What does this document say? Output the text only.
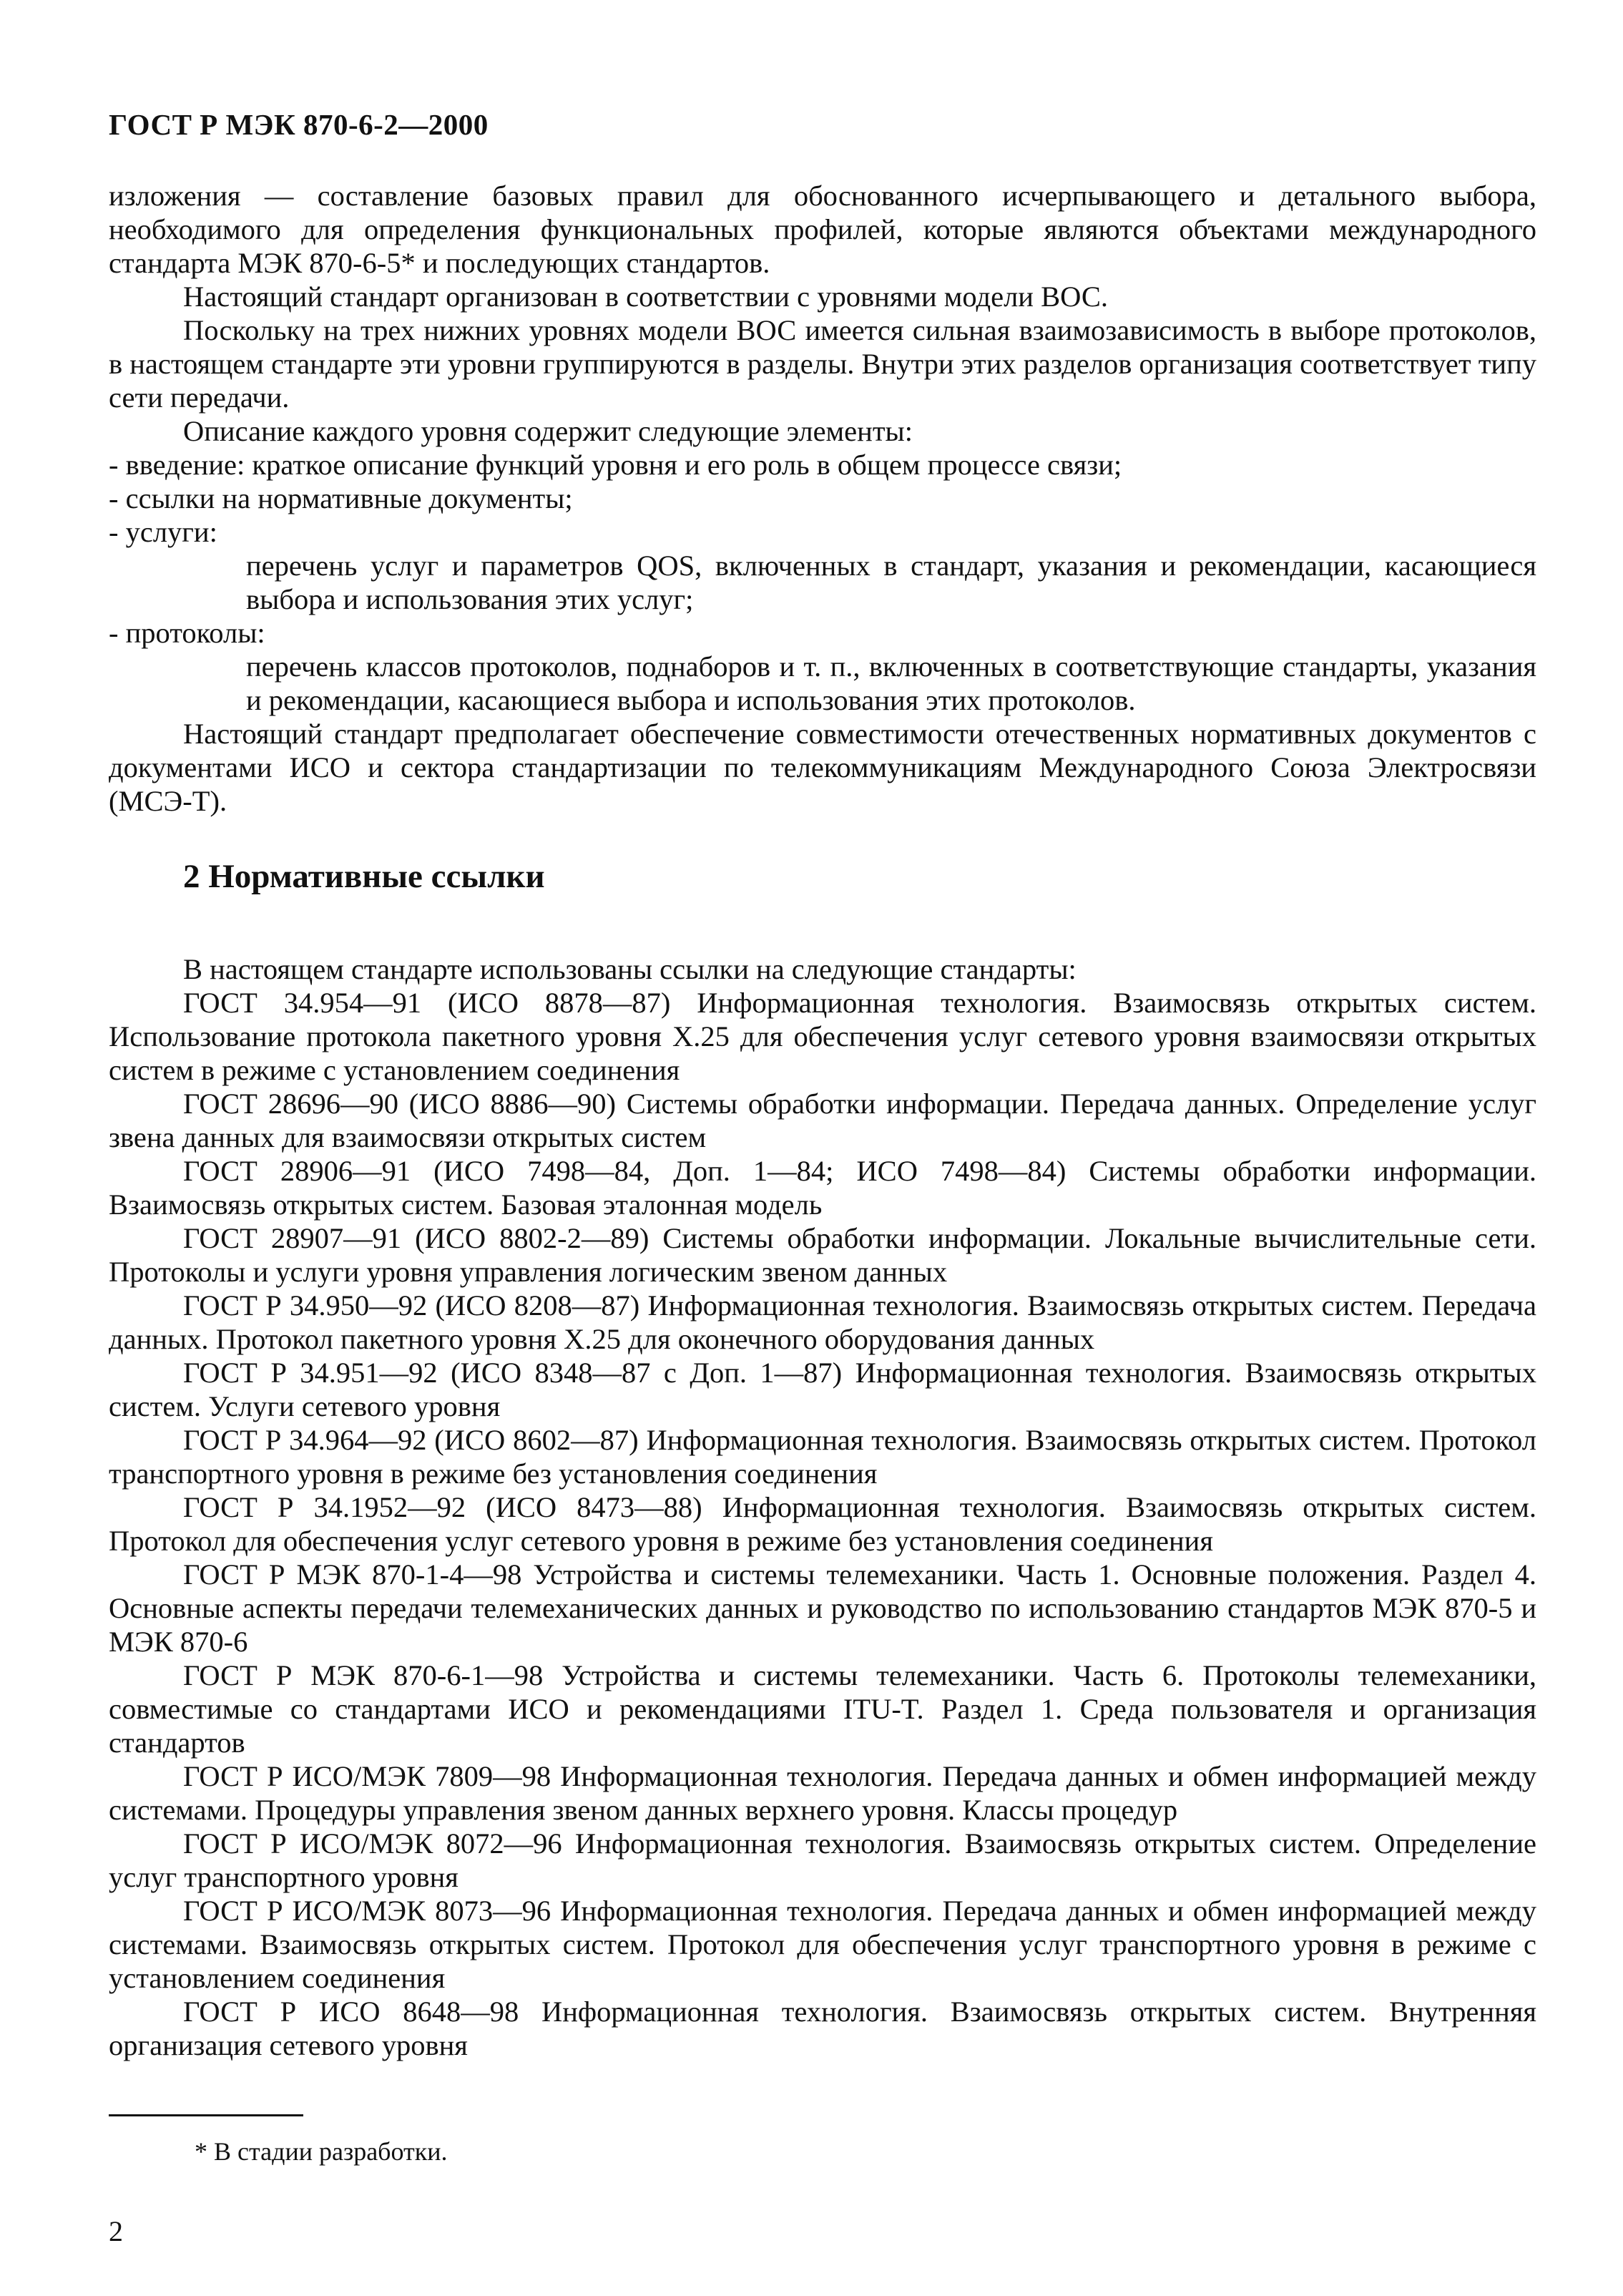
ГОСТ Р МЭК 870-6-2—2000

изложения — составление базовых правил для обоснованного исчерпывающего и детального выбора, необходимого для определения функциональных профилей, которые являются объектами международного стандарта МЭК 870-6-5* и последующих стандартов.

Настоящий стандарт организован в соответствии с уровнями модели ВОС.

Поскольку на трех нижних уровнях модели ВОС имеется сильная взаимозависимость в выборе протоколов, в настоящем стандарте эти уровни группируются в разделы. Внутри этих разделов организация соответствует типу сети передачи.

Описание каждого уровня содержит следующие элементы:

- введение: краткое описание функций уровня и его роль в общем процессе связи;

- ссылки на нормативные документы;

- услуги:

перечень услуг и параметров QOS, включенных в стандарт, указания и рекомендации, касающиеся выбора и использования этих услуг;

- протоколы:

перечень классов протоколов, поднаборов и т. п., включенных в соответствующие стандарты, указания и рекомендации, касающиеся выбора и использования этих протоколов.

Настоящий стандарт предполагает обеспечение совместимости отечественных нормативных документов с документами ИСО и сектора стандартизации по телекоммуникациям Международного Союза Электросвязи (МСЭ-Т).

2 Нормативные ссылки

В настоящем стандарте использованы ссылки на следующие стандарты:

ГОСТ 34.954—91 (ИСО 8878—87) Информационная технология. Взаимосвязь открытых систем. Использование протокола пакетного уровня Х.25 для обеспечения услуг сетевого уровня взаимосвязи открытых систем в режиме с установлением соединения

ГОСТ 28696—90 (ИСО 8886—90) Системы обработки информации. Передача данных. Определение услуг звена данных для взаимосвязи открытых систем

ГОСТ 28906—91 (ИСО 7498—84, Доп. 1—84; ИСО 7498—84) Системы обработки информации. Взаимосвязь открытых систем. Базовая эталонная модель

ГОСТ 28907—91 (ИСО 8802-2—89) Системы обработки информации. Локальные вычислительные сети. Протоколы и услуги уровня управления логическим звеном данных

ГОСТ Р 34.950—92 (ИСО 8208—87) Информационная технология. Взаимосвязь открытых систем. Передача данных. Протокол пакетного уровня Х.25 для оконечного оборудования данных

ГОСТ Р 34.951—92 (ИСО 8348—87 с Доп. 1—87) Информационная технология. Взаимосвязь открытых систем. Услуги сетевого уровня

ГОСТ Р 34.964—92 (ИСО 8602—87) Информационная технология. Взаимосвязь открытых систем. Протокол транспортного уровня в режиме без установления соединения

ГОСТ Р 34.1952—92 (ИСО 8473—88) Информационная технология. Взаимосвязь открытых систем. Протокол для обеспечения услуг сетевого уровня в режиме без установления соединения

ГОСТ Р МЭК 870-1-4—98 Устройства и системы телемеханики. Часть 1. Основные положения. Раздел 4. Основные аспекты передачи телемеханических данных и руководство по использованию стандартов МЭК 870-5 и МЭК 870-6

ГОСТ Р МЭК 870-6-1—98 Устройства и системы телемеханики. Часть 6. Протоколы телемеханики, совместимые со стандартами ИСО и рекомендациями ITU-T. Раздел 1. Среда пользователя и организация стандартов

ГОСТ Р ИСО/МЭК 7809—98 Информационная технология. Передача данных и обмен информацией между системами. Процедуры управления звеном данных верхнего уровня. Классы процедур

ГОСТ Р ИСО/МЭК 8072—96 Информационная технология. Взаимосвязь открытых систем. Определение услуг транспортного уровня

ГОСТ Р ИСО/МЭК 8073—96 Информационная технология. Передача данных и обмен информацией между системами. Взаимосвязь открытых систем. Протокол для обеспечения услуг транспортного уровня в режиме с установлением соединения

ГОСТ Р ИСО 8648—98 Информационная технология. Взаимосвязь открытых систем. Внутренняя организация сетевого уровня

* В стадии разработки.
2
